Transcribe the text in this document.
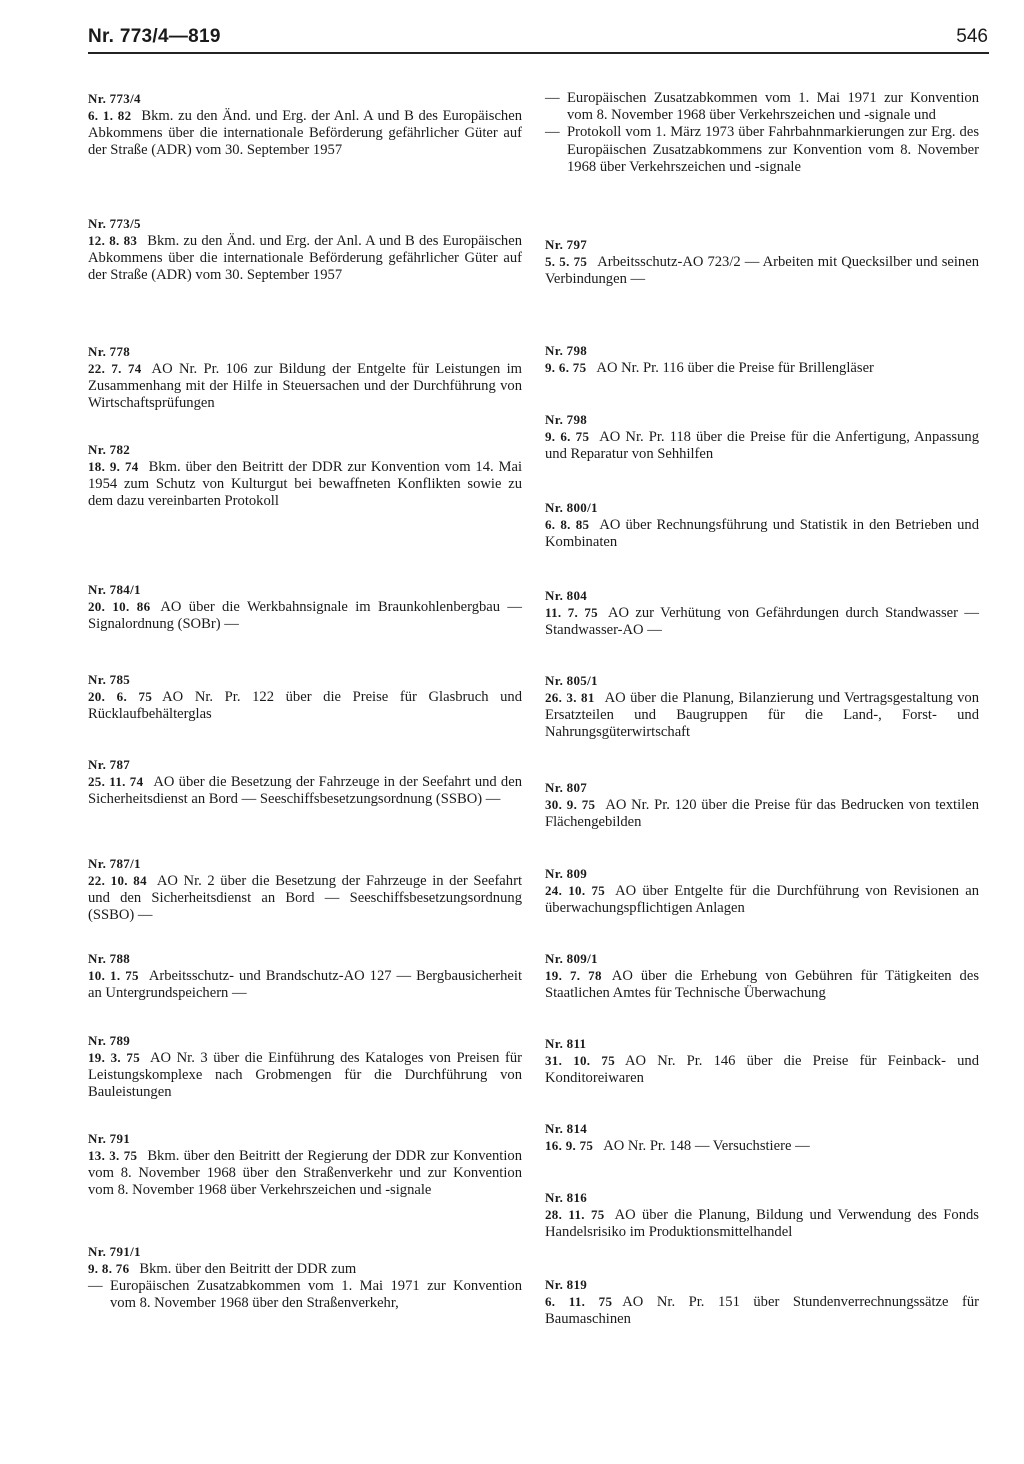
Nr. 773/4—819	546
Nr. 773/4

6. 1. 82 Bkm. zu den Änd. und Erg. der Anl. A und B des Europäischen Abkommens über die internationale Beförderung gefährlicher Güter auf der Straße (ADR) vom 30. September 1957

Nr. 773/5

12. 8. 83 Bkm. zu den Änd. und Erg. der Anl. A und B des Europäischen Abkommens über die internationale Beförderung gefährlicher Güter auf der Straße (ADR) vom 30. September 1957

Nr. 778

22. 7. 74 AO Nr. Pr. 106 zur Bildung der Entgelte für Leistungen im Zusammenhang mit der Hilfe in Steuersachen und der Durchführung von Wirtschaftsprüfungen

Nr. 782

18. 9. 74 Bkm. über den Beitritt der DDR zur Konvention vom 14. Mai 1954 zum Schutz von Kulturgut bei bewaffneten Konflikten sowie zu dem dazu vereinbarten Protokoll

Nr. 784/1

20. 10. 86 AO über die Werkbahnsignale im Braunkohlenbergbau — Signalordnung (SOBr) —

Nr. 785

20. 6. 75 AO Nr. Pr. 122 über die Preise für Glasbruch und Rücklaufbehälterglas

Nr. 787

25. 11. 74 AO über die Besetzung der Fahrzeuge in der Seefahrt und den Sicherheitsdienst an Bord — Seeschiffsbesetzungsordnung (SSBO) —

Nr. 787/1

22. 10. 84 AO Nr. 2 über die Besetzung der Fahrzeuge in der Seefahrt und den Sicherheitsdienst an Bord — Seeschiffsbesetzungsordnung (SSBO) —

Nr. 788

10. 1. 75 Arbeitsschutz- und Brandschutz-AO 127 — Bergbausicherheit an Untergrundspeichern —

Nr. 789

19. 3. 75 AO Nr. 3 über die Einführung des Kataloges von Preisen für Leistungskomplexe nach Grobmengen für die Durchführung von Bauleistungen

Nr. 791

13. 3. 75 Bkm. über den Beitritt der Regierung der DDR zur Konvention vom 8. November 1968 über den Straßenverkehr und zur Konvention vom 8. November 1968 über Verkehrszeichen und -signale

Nr. 791/1

9. 8. 76 Bkm. über den Beitritt der DDR zum

— Europäischen Zusatzabkommen vom 1. Mai 1971 zur Konvention vom 8. November 1968 über den Straßenverkehr,
— Europäischen Zusatzabkommen vom 1. Mai 1971 zur Konvention vom 8. November 1968 über Verkehrszeichen und -signale und
— Protokoll vom 1. März 1973 über Fahrbahnmarkierungen zur Erg. des Europäischen Zusatzabkommens zur Konvention vom 8. November 1968 über Verkehrszeichen und -signale
Nr. 797

5. 5. 75 Arbeitsschutz-AO 723/2 — Arbeiten mit Quecksilber und seinen Verbindungen —

Nr. 798

9. 6. 75 AO Nr. Pr. 116 über die Preise für Brillengläser

Nr. 798

9. 6. 75 AO Nr. Pr. 118 über die Preise für die Anfertigung, Anpassung und Reparatur von Sehhilfen

Nr. 800/1

6. 8. 85 AO über Rechnungsführung und Statistik in den Betrieben und Kombinaten

Nr. 804

11. 7. 75 AO zur Verhütung von Gefährdungen durch Standwasser — Standwasser-AO —

Nr. 805/1

26. 3. 81 AO über die Planung, Bilanzierung und Vertragsgestaltung von Ersatzteilen und Baugruppen für die Land-, Forst- und Nahrungsgüterwirtschaft

Nr. 807

30. 9. 75 AO Nr. Pr. 120 über die Preise für das Bedrucken von textilen Flächengebilden

Nr. 809

24. 10. 75 AO über Entgelte für die Durchführung von Revisionen an überwachungspflichtigen Anlagen

Nr. 809/1

19. 7. 78 AO über die Erhebung von Gebühren für Tätigkeiten des Staatlichen Amtes für Technische Überwachung

Nr. 811

31. 10. 75 AO Nr. Pr. 146 über die Preise für Feinback- und Konditoreiwaren

Nr. 814

16. 9. 75 AO Nr. Pr. 148 — Versuchstiere —

Nr. 816

28. 11. 75 AO über die Planung, Bildung und Verwendung des Fonds Handelsrisiko im Produktionsmittelhandel

Nr. 819

6. 11. 75 AO Nr. Pr. 151 über Stundenverrechnungssätze für Baumaschinen
